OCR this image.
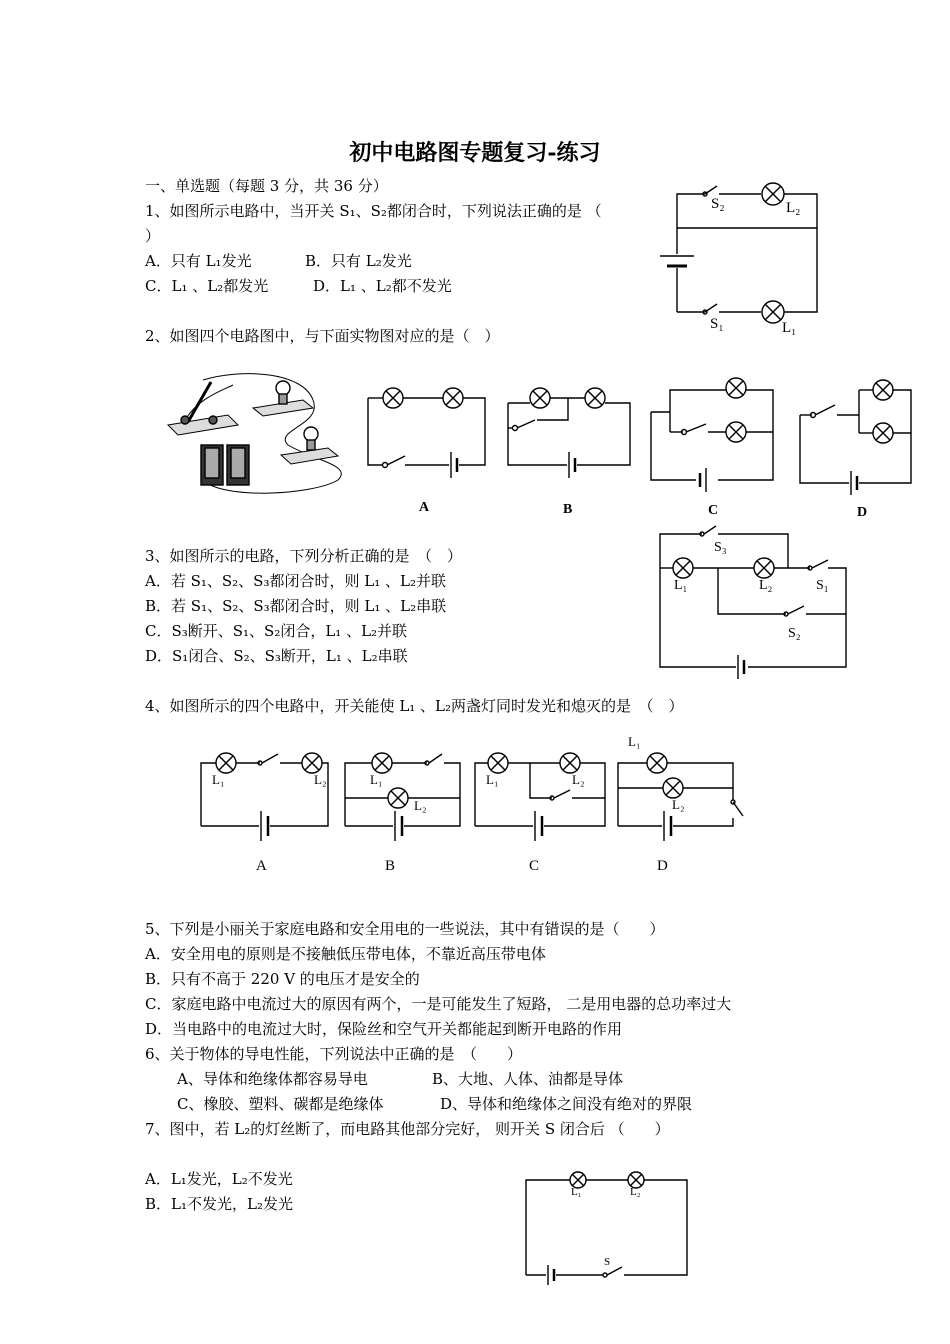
初中电路图专题复习-练习
一、单选题（每题 3 分，共 36 分）
1、如图所示电路中，当开关 S₁、S₂都闭合时，下列说法正确的是 （
）
A．只有 L₁发光	B．只有 L₂发光
C．L₁ 、L₂都发光	D．L₁ 、L₂都不发光
S₂	L₂
S₁	L₁
2、如图四个电路图中，与下面实物图对应的是（　）
A	B	C	D
3、如图所示的电路，下列分析正确的是　（　）
A．若 S₁、S₂、S₃都闭合时，则 L₁ 、L₂并联
B．若 S₁、S₂、S₃都闭合时，则 L₁ 、L₂串联
C．S₃断开、S₁、S₂闭合，L₁ 、L₂并联
D．S₁闭合、S₂、S₃断开，L₁ 、L₂串联
S₃
L₁	L₂	S₁
S₂
4、如图所示的四个电路中，开关能使 L₁ 、L₂两盏灯同时发光和熄灭的是　（　）
L₁	L₂	L₁
L₂
L₁	L₂
L₁
L₂
A	B	C	D
5、下列是小丽关于家庭电路和安全用电的一些说法，其中有错误的是（　　）
A．安全用电的原则是不接触低压带电体，不靠近高压带电体
B．只有不高于 220 V 的电压才是安全的
C．家庭电路中电流过大的原因有两个，一是可能发生了短路， 二是用电器的总功率过大
D．当电路中的电流过大时，保险丝和空气开关都能起到断开电路的作用
6、关于物体的导电性能，下列说法中正确的是　（　　）
A、导体和绝缘体都容易导电	B、大地、人体、油都是导体
C、橡胶、塑料、碳都是绝缘体	D、导体和绝缘体之间没有绝对的界限
7、图中，若 L₂的灯丝断了，而电路其他部分完好， 则开关 S 闭合后 （　　）
A．L₁发光，L₂不发光
B．L₁不发光，L₂发光
L₁	L₂
S
